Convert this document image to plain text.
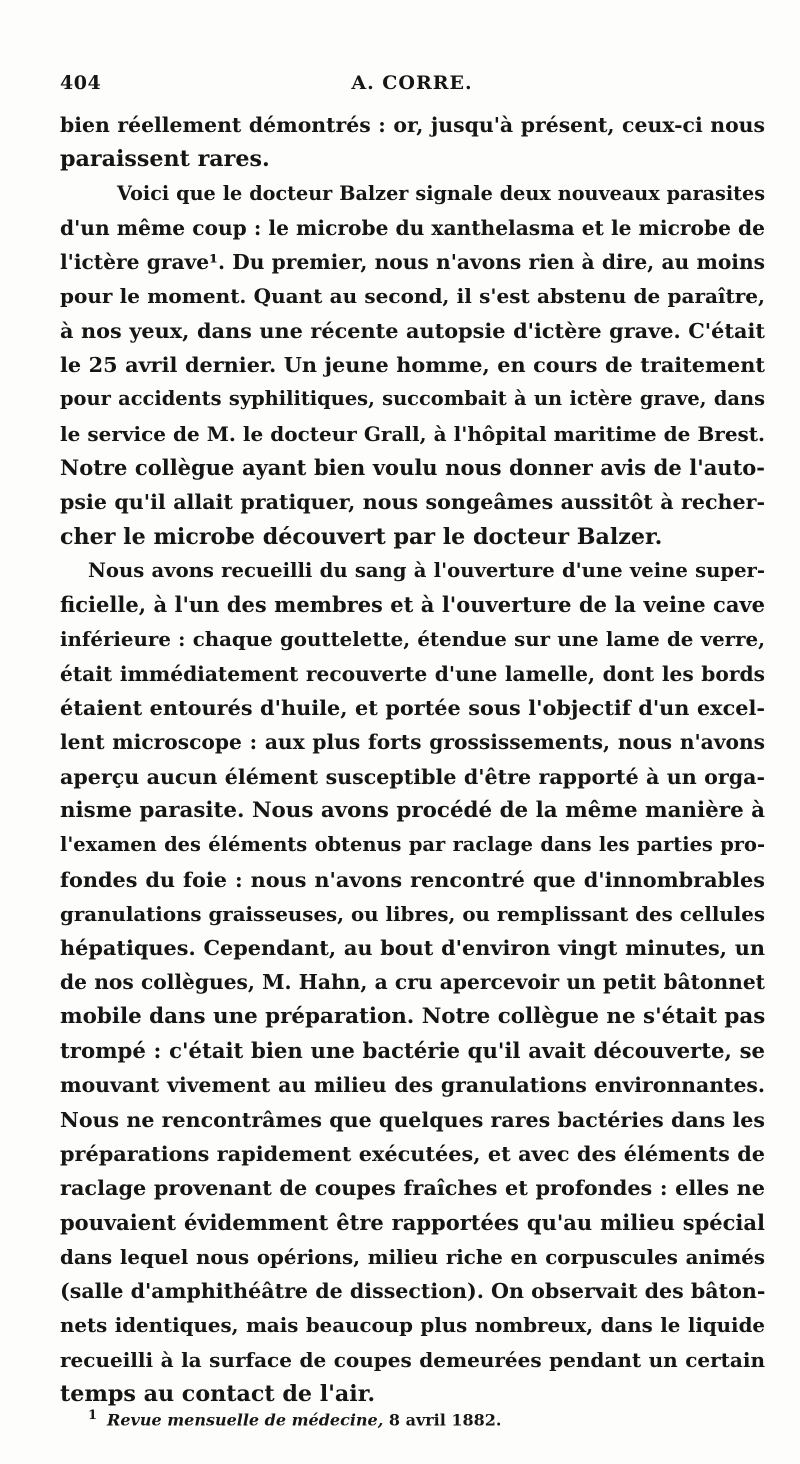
404	A. CORRE.
bien réellement démontrés : or, jusqu'à présent, ceux-ci nous
paraissent rares.
Voici que le docteur Balzer signale deux nouveaux parasites
d'un même coup : le microbe du xanthelasma et le microbe de
l'ictère grave¹. Du premier, nous n'avons rien à dire, au moins
pour le moment. Quant au second, il s'est abstenu de paraître,
à nos yeux, dans une récente autopsie d'ictère grave. C'était
le 25 avril dernier. Un jeune homme, en cours de traitement
pour accidents syphilitiques, succombait à un ictère grave, dans
le service de M. le docteur Grall, à l'hôpital maritime de Brest.
Notre collègue ayant bien voulu nous donner avis de l'auto-
psie qu'il allait pratiquer, nous songeâmes aussitôt à recher-
cher le microbe découvert par le docteur Balzer.
Nous avons recueilli du sang à l'ouverture d'une veine super-
ficielle, à l'un des membres et à l'ouverture de la veine cave
inférieure : chaque gouttelette, étendue sur une lame de verre,
était immédiatement recouverte d'une lamelle, dont les bords
étaient entourés d'huile, et portée sous l'objectif d'un excel-
lent microscope : aux plus forts grossissements, nous n'avons
aperçu aucun élément susceptible d'être rapporté à un orga-
nisme parasite. Nous avons procédé de la même manière à
l'examen des éléments obtenus par raclage dans les parties pro-
fondes du foie : nous n'avons rencontré que d'innombrables
granulations graisseuses, ou libres, ou remplissant des cellules
hépatiques. Cependant, au bout d'environ vingt minutes, un
de nos collègues, M. Hahn, a cru apercevoir un petit bâtonnet
mobile dans une préparation. Notre collègue ne s'était pas
trompé : c'était bien une bactérie qu'il avait découverte, se
mouvant vivement au milieu des granulations environnantes.
Nous ne rencontrâmes que quelques rares bactéries dans les
préparations rapidement exécutées, et avec des éléments de
raclage provenant de coupes fraîches et profondes : elles ne
pouvaient évidemment être rapportées qu'au milieu spécial
dans lequel nous opérions, milieu riche en corpuscules animés
(salle d'amphithéâtre de dissection). On observait des bâton-
nets identiques, mais beaucoup plus nombreux, dans le liquide
recueilli à la surface de coupes demeurées pendant un certain
temps au contact de l'air.
$^1$ Revue mensuelle de médecine, 8 avril 1882.
